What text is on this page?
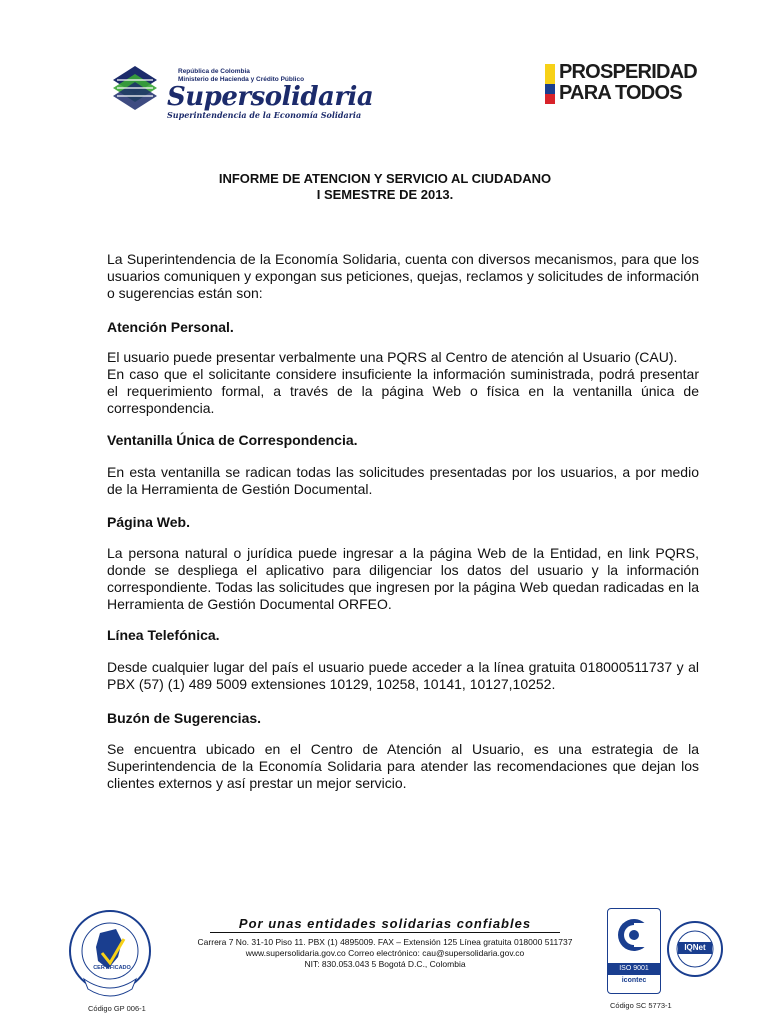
República de Colombia
Ministerio de Hacienda y Crédito Público
Supersolidaria
Superintendencia de la Economía Solidaria
PROSPERIDAD
PARA TODOS
INFORME DE ATENCION Y SERVICIO AL CIUDADANO
I SEMESTRE DE 2013.

La Superintendencia de la Economía Solidaria, cuenta con diversos mecanismos, para que los usuarios comuniquen y expongan sus peticiones, quejas, reclamos y solicitudes de información o sugerencias están son:

Atención Personal.

El usuario puede presentar verbalmente una PQRS al Centro de atención al Usuario (CAU).

En caso que el solicitante considere insuficiente la información suministrada, podrá presentar el requerimiento formal, a través de la página Web o física en la ventanilla única de correspondencia.

Ventanilla Única de Correspondencia.

En esta ventanilla se radican todas las solicitudes presentadas por los usuarios, a por medio de la Herramienta de Gestión Documental.

Página Web.

La persona natural o jurídica puede ingresar a la página Web de la Entidad, en link PQRS, donde se despliega el aplicativo para diligenciar los datos del usuario y la información correspondiente. Todas las solicitudes que ingresen por la página Web quedan radicadas en la Herramienta de Gestión Documental ORFEO.

Línea Telefónica.

Desde cualquier lugar del país el usuario puede acceder a la línea gratuita 018000511737 y al PBX (57) (1) 489 5009 extensiones 10129, 10258, 10141, 10127,10252.

Buzón de Sugerencias.

Se encuentra ubicado en el Centro de Atención al Usuario, es una estrategia de la Superintendencia de la Economía Solidaria para atender las recomendaciones que dejan los clientes externos y así prestar un mejor servicio.

CERTIFICADO
Código GP 006-1
Por unas entidades solidarias confiables
Carrera 7 No. 31-10 Piso 11. PBX (1) 4895009. FAX – Extensión 125 Línea gratuita 018000 511737
www.supersolidaria.gov.co Correo electrónico: cau@supersolidaria.gov.co
NIT: 830.053.043 5 Bogotá D.C., Colombia	ISO 9001
icontec
IQNet
Código SC 5773-1
